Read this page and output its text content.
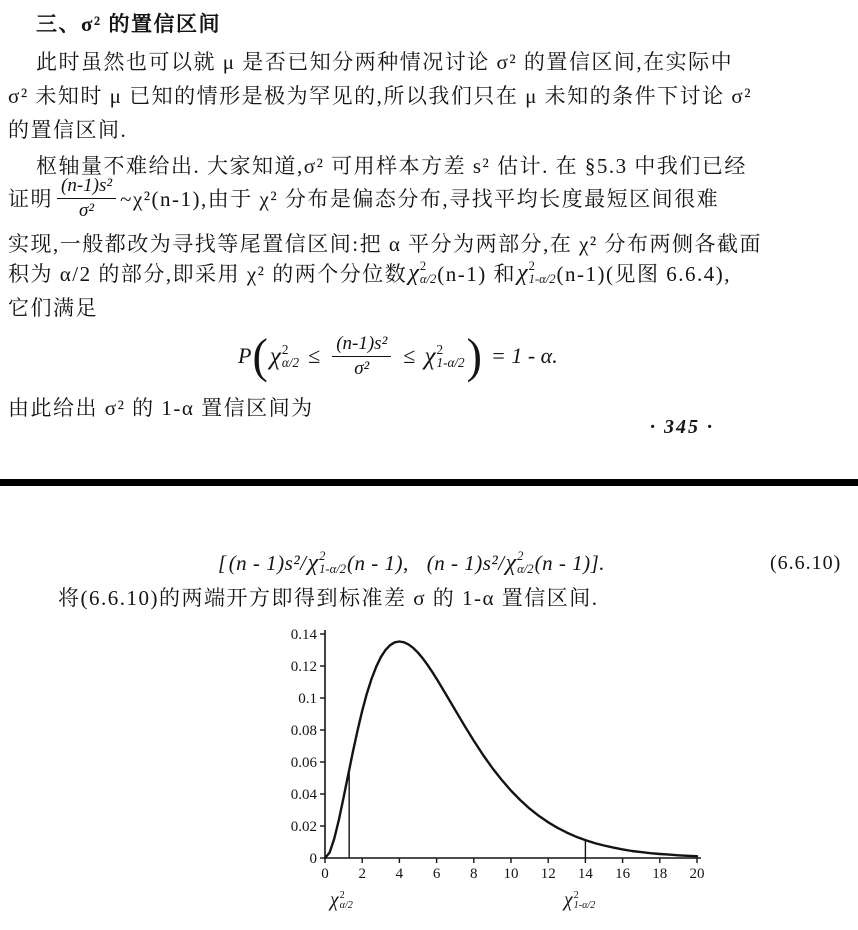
三、σ² 的置信区间
此时虽然也可以就 μ 是否已知分两种情况讨论 σ² 的置信区间,在实际中
σ² 未知时 μ 已知的情形是极为罕见的,所以我们只在 μ 未知的条件下讨论 σ²
的置信区间.
枢轴量不难给出. 大家知道,σ² 可用样本方差 s² 估计. 在 §5.3 中我们已经
证明 $\frac{\text{(n-1)s²}}{\text{σ²}}$ ~χ²(n-1),由于 χ² 分布是偏态分布,寻找平均长度最短区间很难
实现,一般都改为寻找等尾置信区间:把 α 平分为两部分,在 χ² 分布两侧各截面
积为 α/2 的部分,即采用 χ² 的两个分位数 χ 2
α/2 (n-1) 和 χ 2
1-α/2 (n-1)(见图 6.6.4),
它们满足
P ( χ 2
$\alpha/2 \le \frac{\text{(n-1)s²}}{\text{σ²}} \le \chi$ 2
1-α/2 ) = 1 - α.
由此给出 σ² 的 1-α 置信区间为
· 345 ·
[ (n - 1)s²/ χ 2
1-α/2 (n - 1), (n - 1)s²/ χ 2
α/2 (n - 1)].	(6.6.10)
将(6.6.10)的两端开方即得到标准差 σ 的 1-α 置信区间.
0
0.02
0.04
0.06
0.08
0.1
0.12
0.14
0 2 4 6 8 10 12 14 16 18 20
χ 2
α/2	χ 2
1-α/2
